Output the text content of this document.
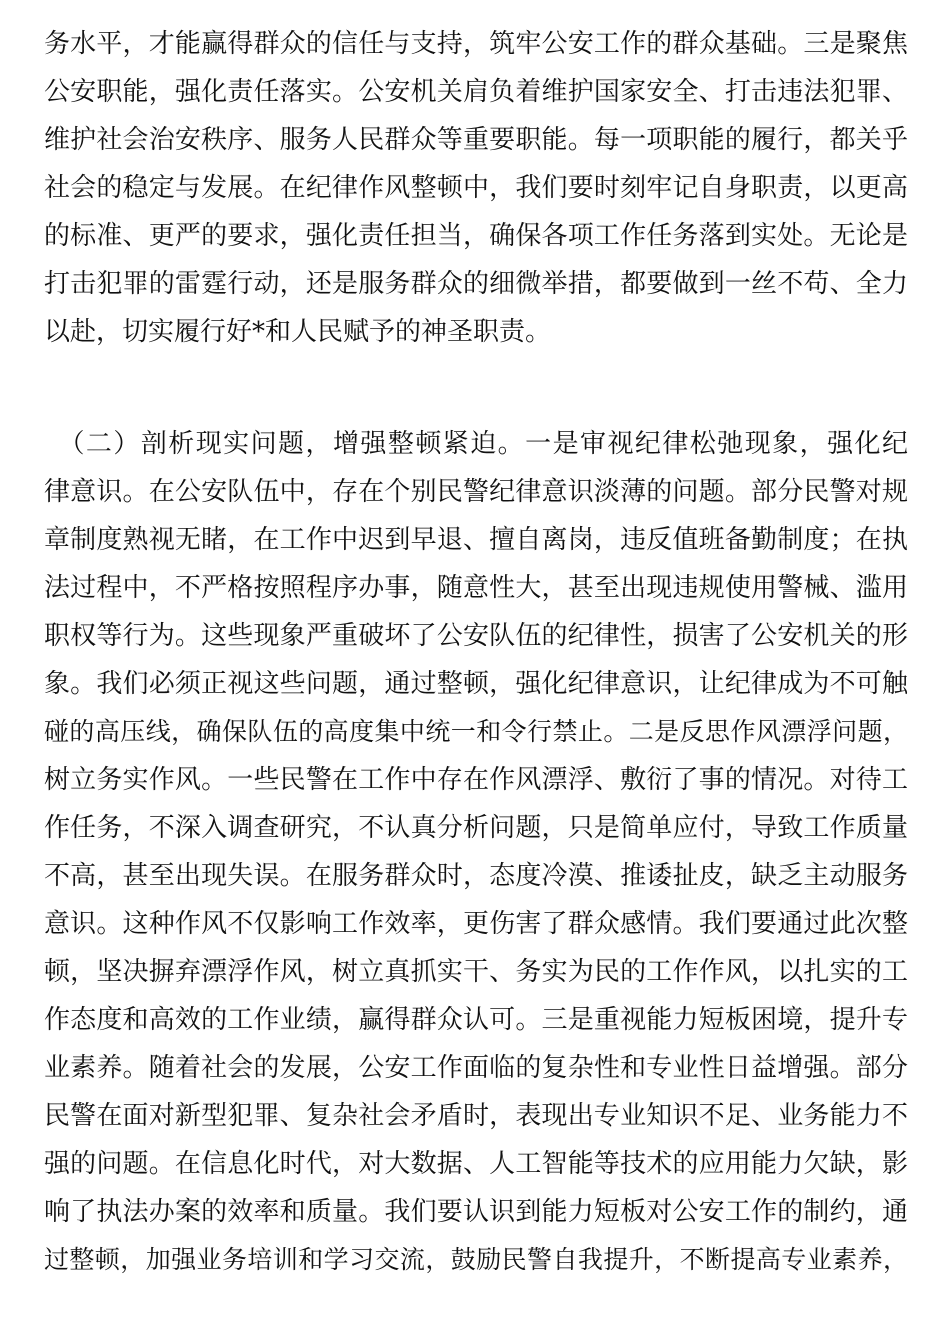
务水平，才能赢得群众的信任与支持，筑牢公安工作的群众基础。三是聚焦
公安职能，强化责任落实。公安机关肩负着维护国家安全、打击违法犯罪、
维护社会治安秩序、服务人民群众等重要职能。每一项职能的履行，都关乎
社会的稳定与发展。在纪律作风整顿中，我们要时刻牢记自身职责，以更高
的标准、更严的要求，强化责任担当，确保各项工作任务落到实处。无论是
打击犯罪的雷霆行动，还是服务群众的细微举措，都要做到一丝不苟、全力
以赴，切实履行好*和人民赋予的神圣职责。
　（二）剖析现实问题，增强整顿紧迫。一是审视纪律松弛现象，强化纪
律意识。在公安队伍中，存在个别民警纪律意识淡薄的问题。部分民警对规
章制度熟视无睹，在工作中迟到早退、擅自离岗，违反值班备勤制度；在执
法过程中，不严格按照程序办事，随意性大，甚至出现违规使用警械、滥用
职权等行为。这些现象严重破坏了公安队伍的纪律性，损害了公安机关的形
象。我们必须正视这些问题，通过整顿，强化纪律意识，让纪律成为不可触
碰的高压线，确保队伍的高度集中统一和令行禁止。二是反思作风漂浮问题，
树立务实作风。一些民警在工作中存在作风漂浮、敷衍了事的情况。对待工
作任务，不深入调查研究，不认真分析问题，只是简单应付，导致工作质量
不高，甚至出现失误。在服务群众时，态度冷漠、推诿扯皮，缺乏主动服务
意识。这种作风不仅影响工作效率，更伤害了群众感情。我们要通过此次整
顿，坚决摒弃漂浮作风，树立真抓实干、务实为民的工作作风，以扎实的工
作态度和高效的工作业绩，赢得群众认可。三是重视能力短板困境，提升专
业素养。随着社会的发展，公安工作面临的复杂性和专业性日益增强。部分
民警在面对新型犯罪、复杂社会矛盾时，表现出专业知识不足、业务能力不
强的问题。在信息化时代，对大数据、人工智能等技术的应用能力欠缺，影
响了执法办案的效率和质量。我们要认识到能力短板对公安工作的制约，通
过整顿，加强业务培训和学习交流，鼓励民警自我提升，不断提高专业素养，
